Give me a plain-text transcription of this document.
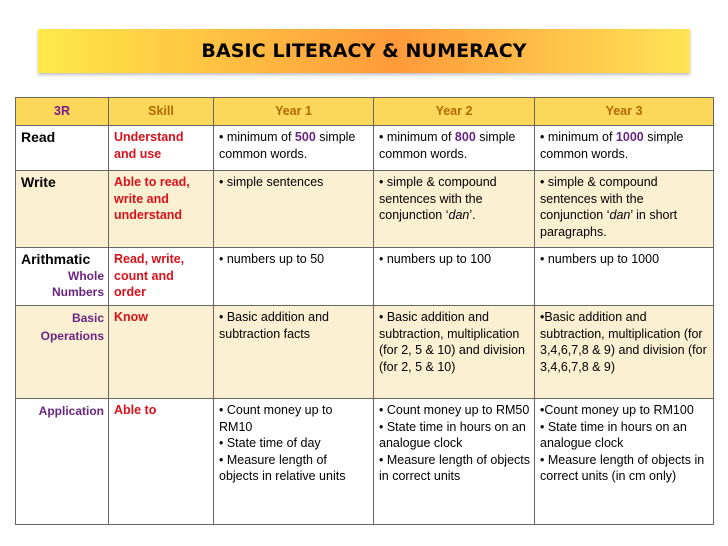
BASIC LITERACY & NUMERACY
3R	Skill	Year 1	Year 2	Year 3
Read	Understand and use	• minimum of 500 simple common words.	• minimum of 800 simple common words.	• minimum of 1000 simple common words.
Write	Able to read, write and understand	• simple sentences	• simple & compound sentences with the conjunction ‘dan’.	• simple & compound sentences with the conjunction ‘dan’ in short paragraphs.
Arithmatic
Whole Numbers	Read, write, count and order	• numbers up to 50	• numbers up to 100	• numbers up to 1000
Basic Operations	Know	• Basic addition and subtraction facts	• Basic addition and subtraction, multiplication (for 2, 5 & 10) and division (for 2, 5 & 10)	•Basic addition and subtraction, multiplication (for 3,4,6,7,8 & 9) and division (for 3,4,6,7,8 & 9)
Application	Able to	• Count money up to RM10
• State time of day
• Measure length of objects in relative units	• Count money up to RM50
• State time in hours on an analogue clock
• Measure length of objects in correct units	•Count money up to RM100
• State time in hours on an analogue clock
• Measure length of objects in correct units (in cm only)
